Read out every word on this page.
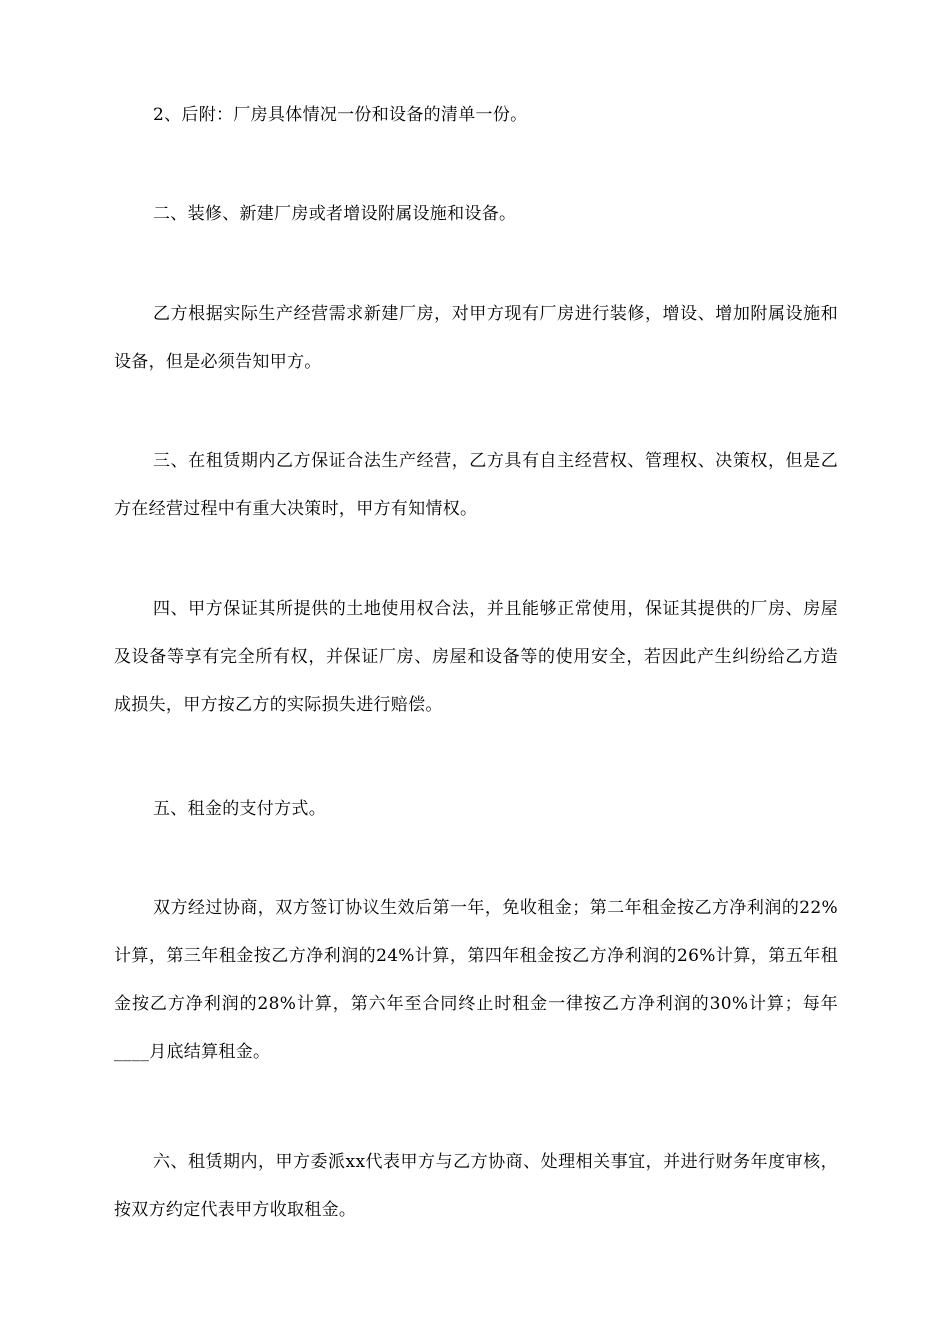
2、后附：厂房具体情况一份和设备的清单一份。

二、装修、新建厂房或者增设附属设施和设备。

乙方根据实际生产经营需求新建厂房，对甲方现有厂房进行装修，增设、增加附属设施和设备，但是必须告知甲方。

三、在租赁期内乙方保证合法生产经营，乙方具有自主经营权、管理权、决策权，但是乙方在经营过程中有重大决策时，甲方有知情权。

四、甲方保证其所提供的土地使用权合法，并且能够正常使用，保证其提供的厂房、房屋及设备等享有完全所有权，并保证厂房、房屋和设备等的使用安全，若因此产生纠纷给乙方造成损失，甲方按乙方的实际损失进行赔偿。

五、租金的支付方式。

双方经过协商，双方签订协议生效后第一年，免收租金；第二年租金按乙方净利润的22%计算，第三年租金按乙方净利润的24%计算，第四年租金按乙方净利润的26%计算，第五年租金按乙方净利润的28%计算，第六年至合同终止时租金一律按乙方净利润的30%计算；每年____月底结算租金。

六、租赁期内，甲方委派xx代表甲方与乙方协商、处理相关事宜，并进行财务年度审核，按双方约定代表甲方收取租金。
